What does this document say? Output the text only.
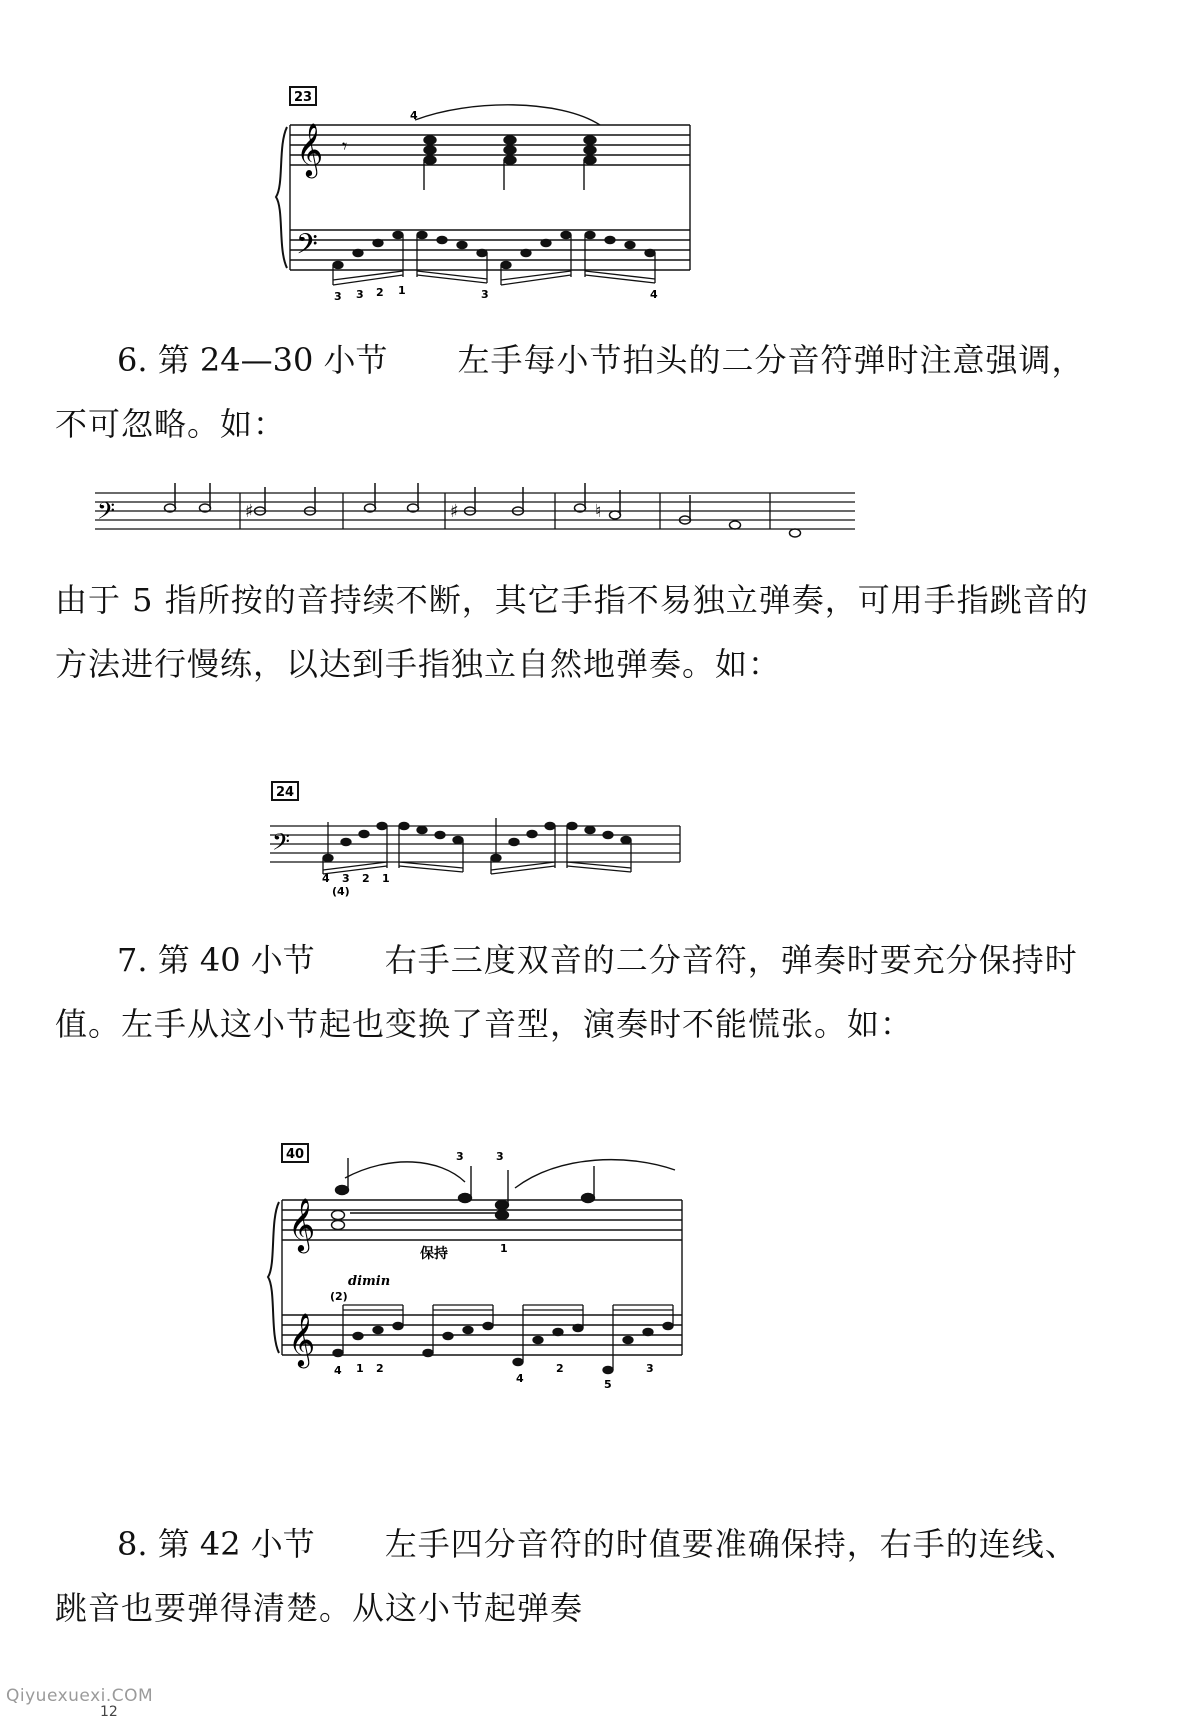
23
𝄞
𝄢
𝄾
4
3 3 2 1	3	4

6. 第 24—30 小节 左手每小节拍头的二分音符弹时注意强调，不可忽略。如：

𝄢	♯	♯	♮

由于 5 指所按的音持续不断，其它手指不易独立弹奏，可用手指跳音的方法进行慢练，以达到手指独立自然地弹奏。如：

24
𝄢
4 3 2 1
(4)

7. 第 40 小节 右手三度双音的二分音符，弹奏时要充分保持时值。左手从这小节起也变换了音型，演奏时不能慌张。如：

40
𝄞
𝄞
3	3
1
保持
dimin
(2)
4 1 2
4
2
5
3

8. 第 42 小节 左手四分音符的时值要准确保持，右手的连线、跳音也要弹得清楚。从这小节起弹奏

Qiyuexuexi.COM
12
